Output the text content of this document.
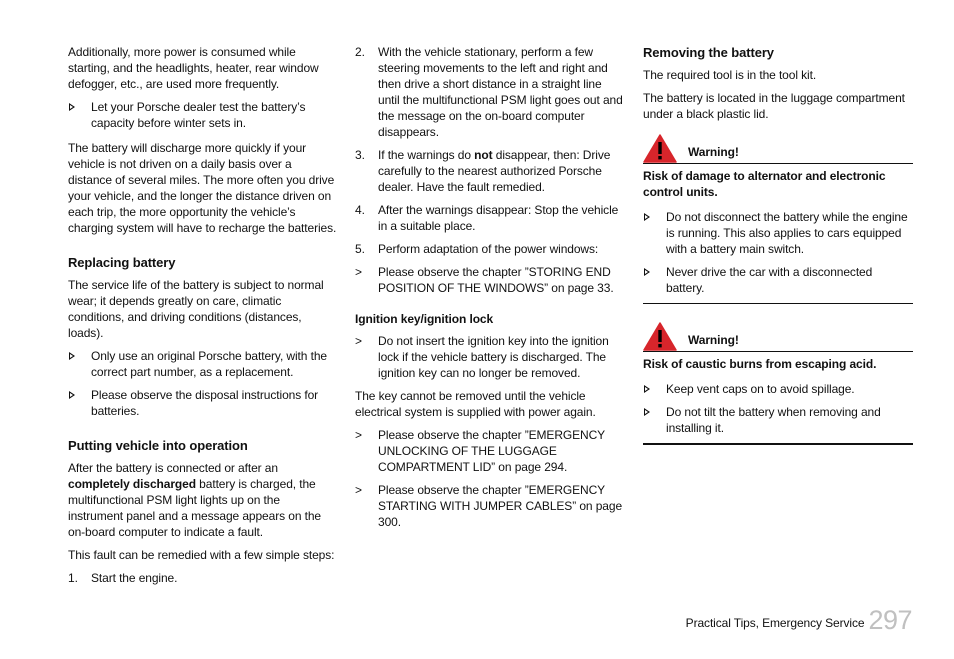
Additionally, more power is consumed while starting, and the headlights, heater, rear window defogger, etc., are used more frequently.

Let your Porsche dealer test the battery’s capacity before winter sets in.

The battery will discharge more quickly if your vehicle is not driven on a daily basis over a distance of several miles. The more often you drive your vehicle, and the longer the distance driven on each trip, the more opportunity the vehicle’s charging system will have to recharge the batteries.

Replacing battery

The service life of the battery is subject to normal wear; it depends greatly on care, climatic conditions, and driving conditions (distances, loads).

Only use an original Porsche battery, with the correct part number, as a replacement.
Please observe the disposal instructions for batteries.
Putting vehicle into operation

After the battery is connected or after an completely discharged battery is charged, the multifunctional PSM light lights up on the instrument panel and a message appears on the on-board computer to indicate a fault.

This fault can be remedied with a few simple steps:

1.	Start the engine.
2.	With the vehicle stationary, perform a few steering movements to the left and right and then drive a short distance in a straight line until the multifunctional PSM light goes out and the message on the on-board computer disappears.
3.	If the warnings do not disappear, then: Drive carefully to the nearest authorized Porsche dealer. Have the fault remedied.
4.	After the warnings disappear: Stop the vehicle in a suitable place.
5.	Perform adaptation of the power windows:
>	Please observe the chapter ”STORING END POSITION OF THE WINDOWS” on page 33.
Ignition key/ignition lock
>	Do not insert the ignition key into the ignition lock if the vehicle battery is discharged. The ignition key can no longer be removed.

The key cannot be removed until the vehicle electrical system is supplied with power again.

>	Please observe the chapter ”EMERGENCY UNLOCKING OF THE LUGGAGE COMPARTMENT LID” on page 294.
>	Please observe the chapter ”EMERGENCY STARTING WITH JUMPER CABLES” on page 300.
Removing the battery

The required tool is in the tool kit.

The battery is located in the luggage compartment under a black plastic lid.

Warning!

Risk of damage to alternator and electronic control units.

Do not disconnect the battery while the engine is running. This also applies to cars equipped with a battery main switch.
Never drive the car with a disconnected battery.
Warning!

Risk of caustic burns from escaping acid.

Keep vent caps on to avoid spillage.
Do not tilt the battery when removing and installing it.
Practical Tips, Emergency Service 297
